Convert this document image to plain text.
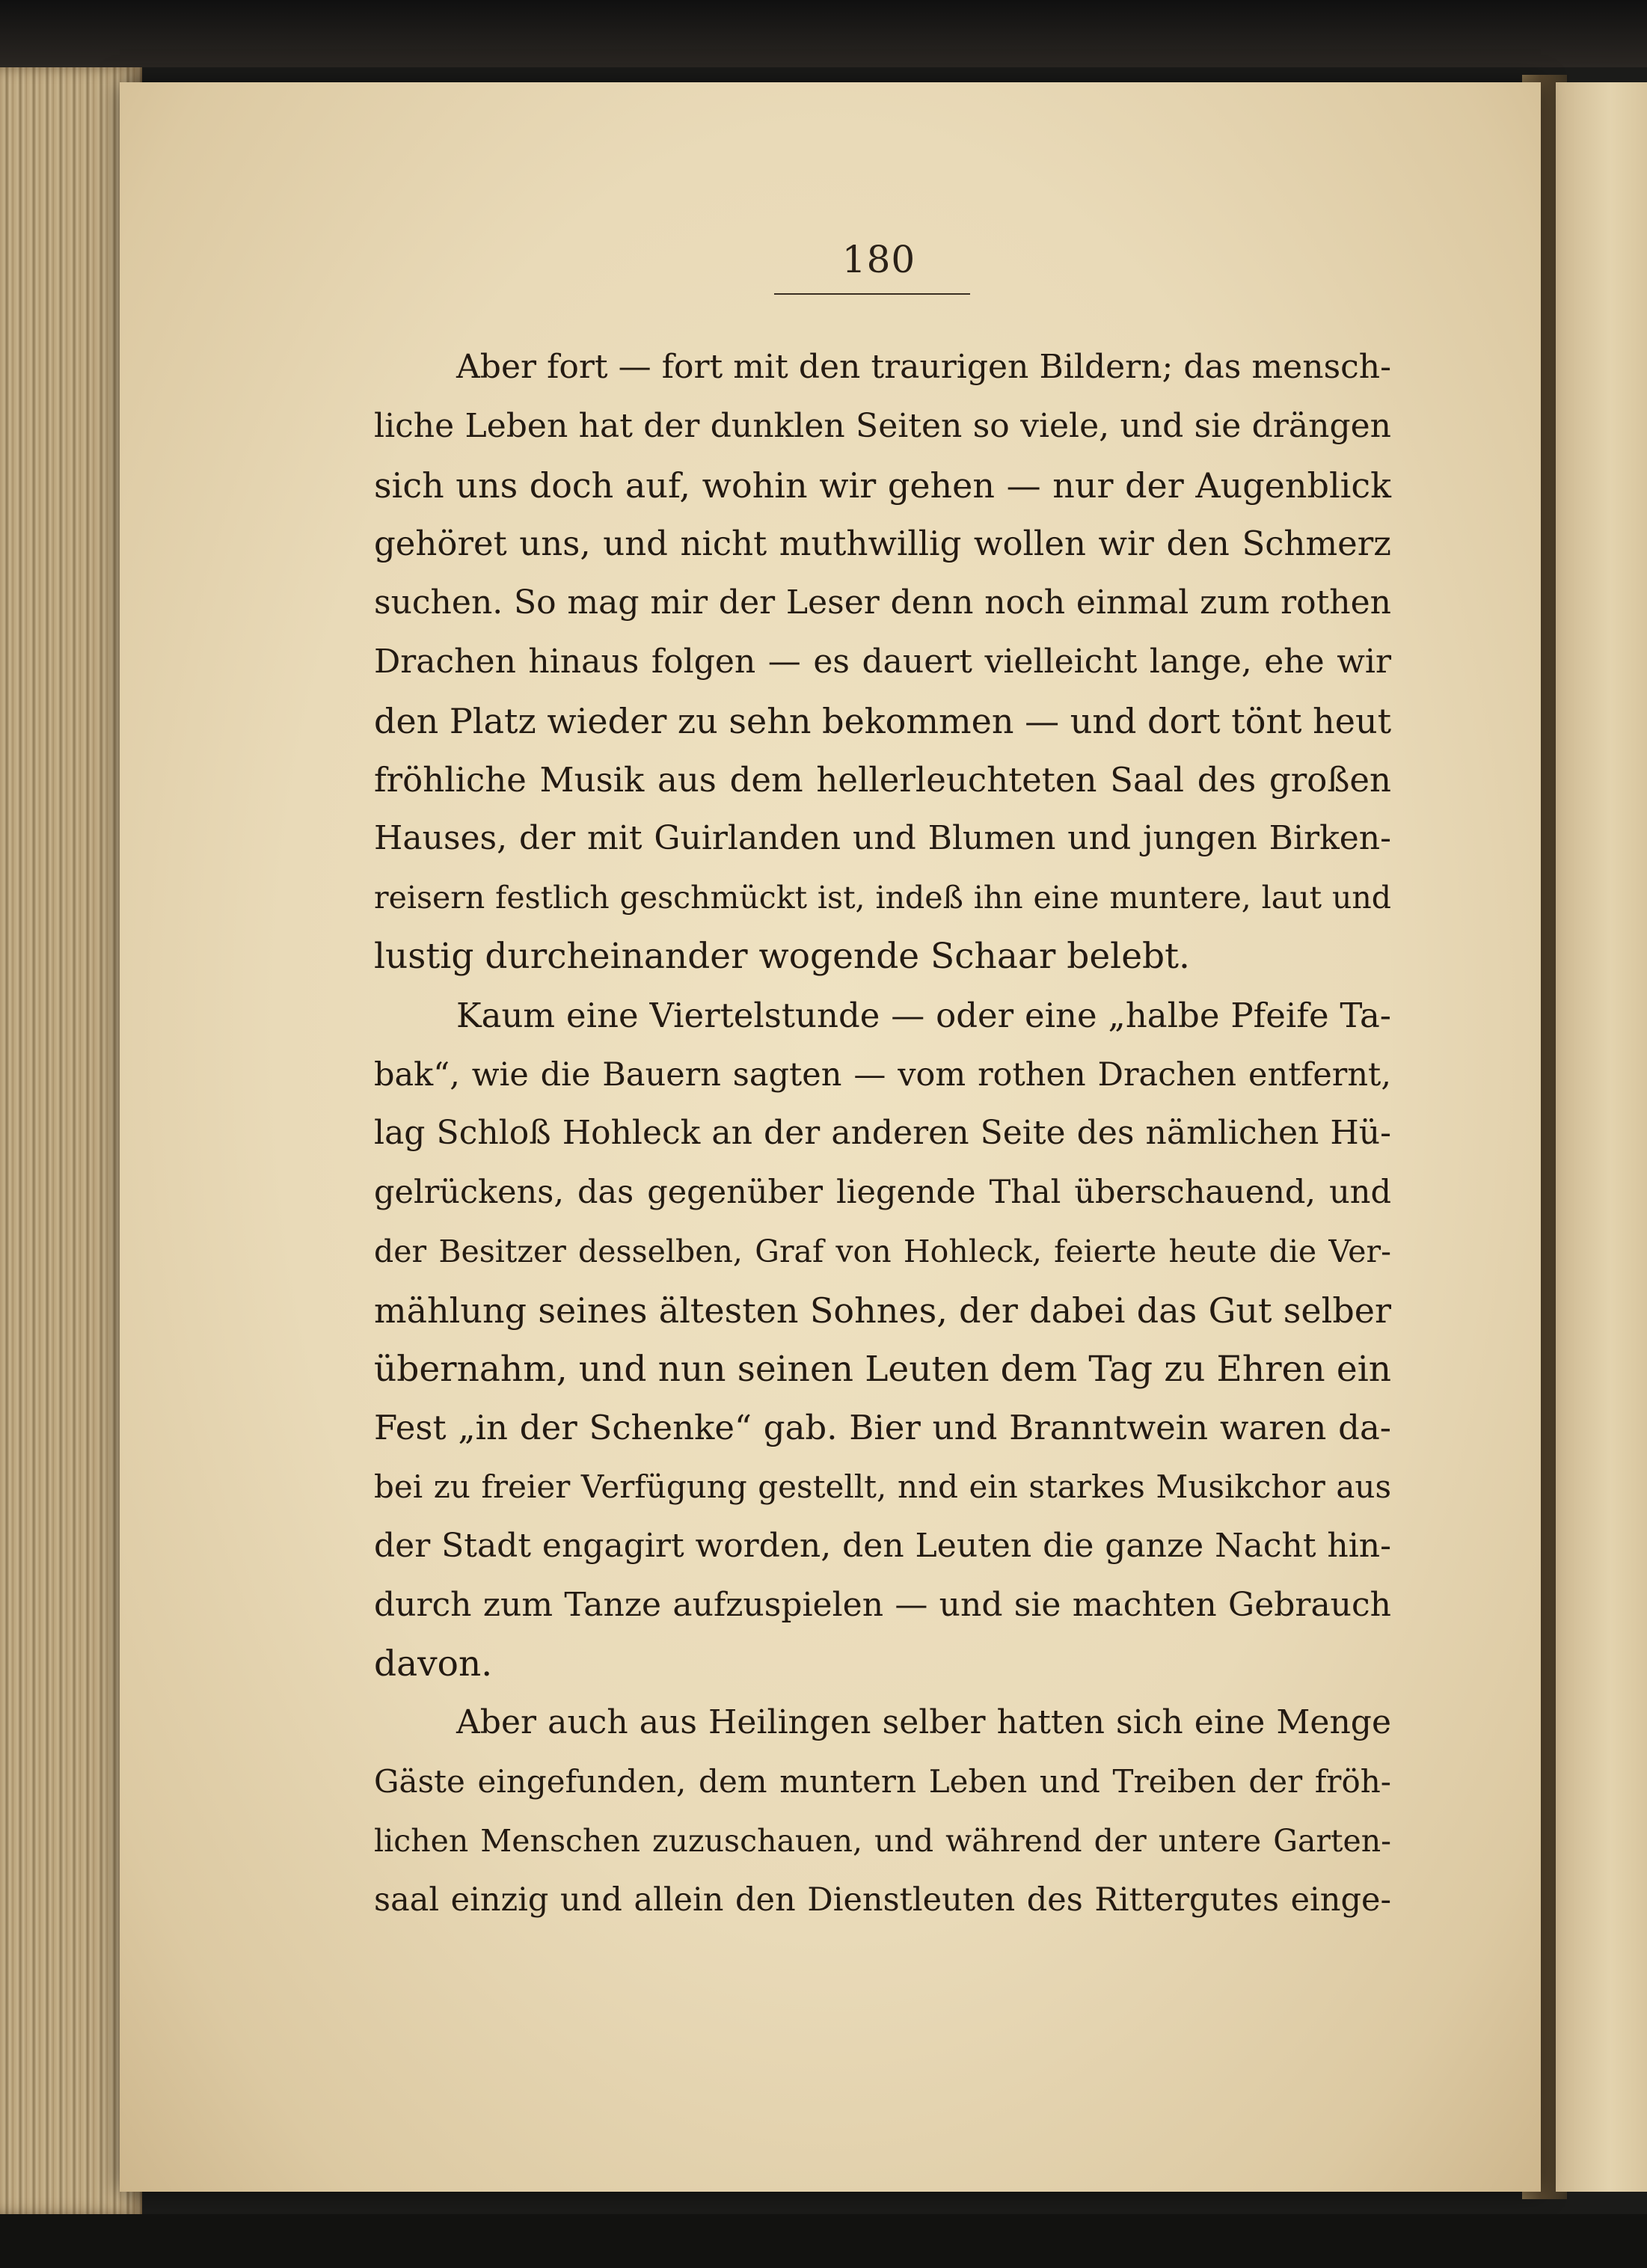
180
Aber fort — fort mit den traurigen Bildern; das mensch-
liche Leben hat der dunklen Seiten so viele, und sie drängen
sich uns doch auf, wohin wir gehen — nur der Augenblick
gehöret uns, und nicht muthwillig wollen wir den Schmerz
suchen. So mag mir der Leser denn noch einmal zum rothen
Drachen hinaus folgen — es dauert vielleicht lange, ehe wir
den Platz wieder zu sehn bekommen — und dort tönt heut
fröhliche Musik aus dem hellerleuchteten Saal des großen
Hauses, der mit Guirlanden und Blumen und jungen Birken-
reisern festlich geschmückt ist, indeß ihn eine muntere, laut und
lustig durcheinander wogende Schaar belebt.
Kaum eine Viertelstunde — oder eine „halbe Pfeife Ta-
bak“, wie die Bauern sagten — vom rothen Drachen entfernt,
lag Schloß Hohleck an der anderen Seite des nämlichen Hü-
gelrückens, das gegenüber liegende Thal überschauend, und
der Besitzer desselben, Graf von Hohleck, feierte heute die Ver-
mählung seines ältesten Sohnes, der dabei das Gut selber
übernahm, und nun seinen Leuten dem Tag zu Ehren ein
Fest „in der Schenke“ gab. Bier und Branntwein waren da-
bei zu freier Verfügung gestellt, nnd ein starkes Musikchor aus
der Stadt engagirt worden, den Leuten die ganze Nacht hin-
durch zum Tanze aufzuspielen — und sie machten Gebrauch
davon.
Aber auch aus Heilingen selber hatten sich eine Menge
Gäste eingefunden, dem muntern Leben und Treiben der fröh-
lichen Menschen zuzuschauen, und während der untere Garten-
saal einzig und allein den Dienstleuten des Rittergutes einge-
